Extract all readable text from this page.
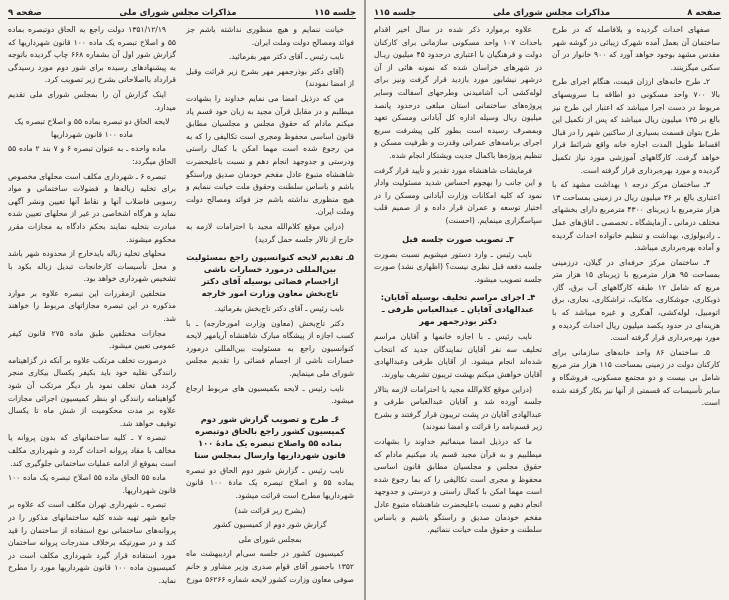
جلسه ۱۱۵
مذاکرات مجلس شورای ملی
صفحه ۹

خیانت ننمایم و هیچ منظوری نداشته باشم جز فوائد ومصالح دولت وملت ایران.

نایب رئیس ـ آقای دکتر مهر بفرمائید.

(آقای دکتر بوذرجمهر مهر بشرح زیر قرائت وقبل از امضا نمودند)

من که درذیل امضا می نمایم خداوند را بشهادت میطلبم و در مقابل قرآن مجید به زبان خود قسم یاد میکنم مادام که حقوق مجلس و مجلسیان مطابق قانون اساسی محفوظ ومجری است تکالیفی را که به من رجوع شده است مهما امکن با کمال راستی ودرستی و جدوجهد انجام دهم و نسبت باعلیحضرت شاهنشاه متبوع عادل مفخم خودمان صدیق وراستگو باشم و باساس سلطنت وحقوق ملت خیانت ننمایم و هیچ منظوری نداشته باشم جز فوائد ومصالح دولت وملت ایران.

(دراین موقع کلام‌الله مجید با احترامات لازمه به خارج از تالار جلسه حمل گردید)

۵ـ تقدیم لایحه کنوانسیون راجع بمسئولیت بین‌المللی درمورد خسارات ناشی ازاجسام فضائی بوسیله آقای دکتر تاج‌بخش معاون وزارت امور خارجه

نایب رئیس ـ آقای دکتر تاج‌بخش بفرمائید.

دکتر تاج‌بخش (معاون وزارت امورخارجه) ـ با کسب اجازه از پیشگاه مبارک شاهنشاه آریامهر لایحه کنوانسیون راجع به مسئولیت بین‌المللی درمورد خسارات ناشی از اجسام فضائی را تقدیم مجلس شورای ملی مینمایم.

نایب رئیس ـ لایحه بکمیسیون های مربوط ارجاع میشود.

۶ـ طرح و تصویب گزارش شور دوم کمیسیون کشور راجع بالحاق دوتبصره بماده ۵۵ واصلاح تبصره یک مادهٔ ۱۰۰ قانون شهرداریها وارسال بمجلس سنا

نایب رئیس ـ گزارش شور دوم الحاق دو تبصره بماده ۵۵ و اصلاح تبصره یک مادهٔ ۱۰۰ قانون شهرداریها مطرح است قرائت میشود.

(بشرح زیر قرائت شد)

گزارش شور دوم از کمیسیون کشور

بمجلس شورای ملی

کمیسیون کشور در جلسه سی‌ام اردیبهشت ماه ۱۳۵۲ باحضور آقای قوام صدری وزیر مشاور و خانم صوفی معاون وزارت کشور لایحه شماره ۵۶۲۶۶ مورخ

۱۳۵۱/۱۲/۱۹ دولت راجع به الحاق دوتبصره بماده ۵۵ و اصلاح تبصره یک ماده ۱۰۰ قانون شهرداریها که گزارش شور اول آن بشماره ۶۶۸ چاپ گردیده باتوجه به پیشنهادهای رسیده برای شور دوم مورد رسیدگی قرارداد بااصلاحاتی بشرح زیر تصویب کرد.

اینک گزارش آن را بمجلس شورای ملی تقدیم میدارد.

لایحه الحاق دو تبصره بماده ۵۵ و اصلاح تبصره یک ماده ۱۰۰ قانون شهرداریها

ماده واحده ـ به عنوان تبصره ۶ و ۷ بند ۲ ماده ۵۵ الحاق میگردد:

تبصره ۶ ـ شهرداری مکلف است محلهای مخصوص برای تخلیه زباله‌ها و فضولات ساختمانی و مواد رسوبی فاضلاب آنها و نقاط آنها تعیین ونشر آگهی نماید و هرگاه اشخاصی در غیر از محلهای تعیین شده مبادرت بتخلیه نمایند بحکم دادگاه به مجازات مقرر محکوم میشوند.

محلهای تخلیه زباله بایدخارج از محدوده شهر باشد و محل تأسیسات کارخانجات تبدیل زباله بکود با تشخیص شهرداری خواهد بود.

متخلفین ازمقررات این تبصره علاوه بر موارد مذکوره در این تبصره مجازاتهای مربوط را خواهند شد.

مجازات مختلفین طبق ماده ۲۷۵ قانون کیفر عمومی تعیین میشود.

درصورت تخلف مرتکب علاوه بر آنکه در گزاهینامه رانندگی نقلیه خود باید بکیفر یکسال بیکاری منجر گردد همان تخلف نمود بار دیگر مرتکب آن شود گواهینامه رانندگی او بنظر کمیسیون اجرائی مجازات علاوه بر مدت محکومیت از شش ماه تا یکسال توقیف خواهد شد.

تبصره ۷ ـ کلیه ساختمانهای که بدون پروانه یا مخالف با مفاد پروانه احداث گردد و شهرداری مکلف است بموقع از ادامه عملیات ساختمانی جلوگیری کند.

ماده ۵۵ الحاق ماده ۵۵ اصلاح تبصره یک ماده ۱۰۰ قانون شهرداریها.

تبصره ـ شهرداری تهران مکلف است که علاوه بر جامع شهر تهیه شده کلیه ساختمانهای مذکور را در پروانه‌های ساختمانی نوع استفاده از ساختمان را قید کند و در صورتیکه برخلاف مندرجات پروانه ساختمان مورد استفاده قرار گیرد شهرداری مکلف است در کمیسیون ماده ۱۰۰ قانون شهرداریها مورد را مطرح نماید.

صفحه ۸
مذاکرات مجلس شورای ملی
جلسه ۱۱۵

صفهای احداث گردیده و بلافاصله که در طرح ساختمان آن بعمل آمده شهرک زیبائی در گوشه شهر مقدس مشهد بوجود خواهد آورد که ۹۰۰ خانوار در آن سکنی میگزینند.

۲ـ طرح خانه‌های ارزان قیمت، هنگام اجرای طرح بالا ۷۰۰ واحد مسکونی دو اطاقه بـا سرویسهای مربوط در دست اجرا میباشد که اعتبار این طرح نیز بالغ بر ۱۳۵ میلیون ریال میباشد که پس از تکمیل این طرح بتوان قسمت بسیاری از ساکنین شهر را در قبال اقساط طویل المدت اجاره خانه واقع شرائط قرار خواهد گرفت. کارگاههای آموزشی مورد نیاز تکمیل گردیده و مورد بهره‌برداری قرار گرفته است.

۳ـ ساختمان مرکز درجه ۱ بهداشت مشهد که با اعتباری بالغ بر ۳۶ میلیون ریال در زمینی بمساحت ۱۳ هزار مترمربع با زیربنای ۴۳۰۰ مترمربع دارای بخشهای مختلف درمانی ـ آزمایشگاه ـ تخصصی ـ اتاق‌های عمل ـ رادیولوژی، بهداشت و تنظیم خانواده احداث گردیده و آماده بهره‌برداری میباشد.

۴ـ ساختمان مرکز حرفه‌ای در گیلان، درزمینی بمساحت ۹۵ هزار مترمربع با زیربنای ۱۵ هزار متر مربع که شامل ۱۲ طبقه کارگاههای آب برق، گاز، ذوبکاری، جوشکاری، مکانیک، تراشکاری، نجاری، برق اتومبیل، لوله‌کشی، آهنگری و غیره میباشد که با هزینه‌ای در حدود یکصد میلیون ریال احداث گردیده و مورد بهره‌برداری قرار گرفته است.

۵ـ ساختمان ۸۶ واحد خانه‌های سازمانی برای کارکنان دولت در زمینی بمساحت ۱۱۵ هزار متر مربع شامل بی بیست و دو مجتمع مسکونی، فروشگاه و سایر تأسیسات که قسمتی از آنها نیز بکار گرفته شده است.

علاوه برموارد ذکر شده در سال اخیر اقدام باحداث ۱۰۷ واحد مسکونی سازمانی برای کارکنان دولت و فرهنگیان با اعتباری درحدود ۴۵ میلیون ریـال در شهرهای خراسان شده که نمونه هائی از آن درشهر نیشابور مورد بازدید قرار گرفت ونیز برای لوله‌کشی آب آشامیدنی وطرحهای آسفالت وسایر پروژه‌های ساختمانی استان مبلغی درحدود پانصد میلیون ریال وسیله اداره کل آبادانی ومسکن تعهد وبمصرف رسیده است بطور کلی پیشرفت سریع اجرای برنامه‌های عمرانی وقدرت و ظرفیت مسکن و تنظیم پروژه‌ها باکمال جدیت ویشتکار انجام شده.

فرمایشات شاهنشاه مورد تقدیر و تأیید قرار گرفت و این جانب را بهجوم احساس شدید مسئولیت وادار نمود که کلیه امکانات وزارت آبادانی ومسکن را در اختیار توسعه و عمران قرار داده و از صمیم قلب سپاسگزاری مینمایم. (احسنت)

۳ـ تصویب صورت جلسه قبل

نایب رئیس ـ وارد دستور میشویم نسبت بصورت جلسه دفعه قبل نظری نیست؟ (اظهاری نشد) صورت جلسه تصویب میشود.

۴ـ اجرای مراسم تحلیف بوسیله آقایان: عبدالهادی آقایان ـ عبدالعباس طرفی ـ دکتر بوذرجمهر مهر

نایب رئیس ـ با اجازه خانمها و آقایان مراسم تحلیف سه نفر آقایان نمایندگان جدید که انتخاب شده‌اند انجام میشود. از آقایان طرفی وعبدالهادی آقایان خواهش میکنم بهشت تریبون تشریف بیاورند.

(دراین موقع کلام‌الله مجید با احترامات لازمه بتالار جلسه آورده شد و آقایان عبدالعباس طرفی و عبدالهادی آقایان در پشت تریبون قرار گرفتند و بشرح زیر قسم‌نامه را قرائت و امضا نمودند)

ما که درذیل امضا مینمائیم خداوند را بشهادت میطلبیم و به قرآن مجید قسم یاد میکنیم مادام که حقوق مجلس و مجلسیان مطابق قانون اساسی محفوظ و مجری است تکالیفی را که بما رجوع شده است مهما امکن با کمال راستی و درستی و جدوجهد انجام دهیم و نسبت باعلیحضرت شاهنشاه متبوع عادل مفخم خودمان صدیق و راستگو باشیم و باساس سلطنت و حقوق ملت خیانت ننمائیم.
